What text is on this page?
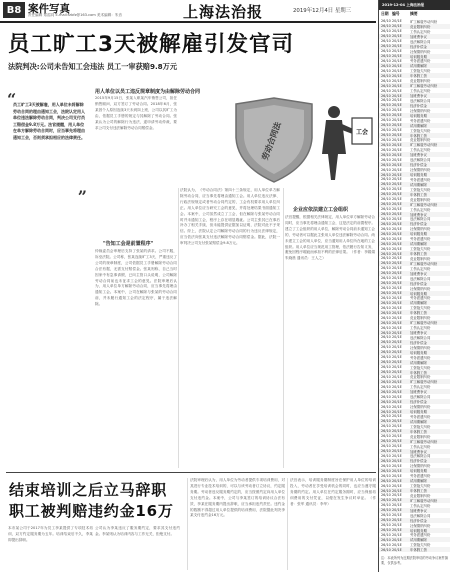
B8 案件写真
责任编辑 郑韶同 E-mail:fzbfz@163.com 美术编辑：朱音	上海法治报	2019年12月4日 星期三
员工旷工3天被解雇引发官司
法院判决:公司未告知工会违法 员工一审获赔9.8万元
“
员工旷工3天被解雇，用人单位未将解除劳动合同的理由通知工会，法院认定用人单位违法解除劳动合同，判决公司支付员工赔偿金9.8万元。法官提醒，用人单位在单方解除劳动合同时，应当事先将理由通知工会，否则须承担相应的法律责任。
”
用人单位以员工违反规章制度为由解除劳动合同
2015年9月15日，张某入职某汽车销售公司，担任销售顾问，双方签订了劳动合同。2018年6月，张某因个人原因连续3天未到岗上班，公司以其旷工为由，依据员工手册的规定与其解除了劳动合同。张某认为公司的解除行为违法，遂申请劳动仲裁，要求公司支付违法解除劳动合同赔偿金。
"告知工会是前置程序"
仲裁委员会审理后支持了张某的请求。公司不服，诉至法院。公司称，张某连续旷工3天，严重违反了公司的规章制度，公司依据员工手册解除劳动合同合法有据，无需支付赔偿金。张某则称，自己当时因家中有急事请假，已向主管口头说明，公司解除劳动合同前也未征求工会的意见。法院审理后认为，用人单位单方解除劳动合同，应当事先将理由通知工会。本案中，公司在解除与张某的劳动合同前，并未履行通知工会的法定程序，属于违法解除。
法院认为，《劳动合同法》第四十三条规定，用人单位单方解除劳动合同，应当事先将理由通知工会。用人单位违反法律、行政法规规定或者劳动合同约定的，工会有权要求用人单位纠正。用人单位应当研究工会的意见，并将处理结果书面通知工会。本案中，公司虽然成立了工会，但在解除与张某劳动合同时并未通知工会，程序上存在明显瑕疵。公司主张其已在事后补办了相关手续，但未能提供证据加以证明，法院对此不予采信。综上，法院认定公司解除劳动合同的行为违反法律规定，应当依法向张某支付违法解除劳动合同赔偿金。据此，法院一审判决公司支付张某赔偿金9.8万元。
企业应依法建立工会组织
法官提醒，根据相关法律规定，用人单位单方解除劳动合同时，应当事先将理由通知工会，这是法定的前置程序。建立了工会组织的用人单位，解除劳动合同前未通知工会的，劳动者可以据此主张用人单位违法解除劳动合同。尚未建立工会的用人单位，应当通知用人单位所在地的工会组织。用人单位应当规范用工管理，依法履行告知义务，避免因程序瑕疵而承担不利的法律后果。（作者：李娟娟 朱晓晨 通讯员：王人之）
劳动合同法	工会
结束培训之后立马辞职 职工被判赔违约金16万
本市某公司于2017年为员工李某提供了专项技术培训，双方约定服务期为五年。培训结束后不久，李某即提出辞职。
公司认为李某违反了服务期约定，要求其支付违约金。李某则认为培训内容与工作无关，拒绝支付。
法院审理后认为，用人单位为劳动者提供专项培训费用，对其进行专业技术培训的，可以与该劳动者订立协议，约定服务期。劳动者违反服务期约定的，应当按照约定向用人单位支付违约金。本案中，公司与李某签订的培训协议合法有效，李某在服务期内提出辞职，应当承担违约责任。违约金的数额不得超过用人单位提供的培训费用，法院据此判决李某支付违约金16万元。
法官表示，培训服务期制度旨在保护用人单位的培训投入，劳动者在享受培训机会的同时，也应当遵守服务期的约定。用人单位在约定服务期时，应当保留培训费用的支付凭证，以便在发生争议时举证。（作者：张军 通讯员：李华）
2019-12-04 上海法治报
日期 编号	摘要
26/10 20/1E	旷工解雇劳动纠纷
26/10 20/1E	竞业限制纠纷
26/10 20/1E	工伤认定纠纷
26/10 20/1E	加班费争议
26/10 20/1E	违法解除合同
26/10 20/1E	经济补偿金
26/10 20/1E	社保缴纳纠纷
26/10 20/1E	培训服务期
26/10 20/1E	劳务派遣纠纷
26/10 20/1E	试用期解除
26/10 20/1E	工资拖欠纠纷
26/10 20/1E	年休假工资
26/10 20/1E	竞业限制纠纷
26/10 20/1E	旷工解雇劳动纠纷
26/10 20/1E	工伤认定纠纷
26/10 20/1E	加班费争议
26/10 20/1E	违法解除合同
26/10 20/1E	经济补偿金
26/10 20/1E	社保缴纳纠纷
26/10 20/1E	培训服务期
26/10 20/1E	劳务派遣纠纷
26/10 20/1E	试用期解除
26/10 20/1E	工资拖欠纠纷
26/10 20/1E	年休假工资
26/10 20/1E	竞业限制纠纷
26/10 20/1E	旷工解雇劳动纠纷
26/10 20/1E	工伤认定纠纷
26/10 20/1E	加班费争议
26/10 20/1E	违法解除合同
26/10 20/1E	经济补偿金
26/10 20/1E	社保缴纳纠纷
26/10 20/1E	培训服务期
26/10 20/1E	劳务派遣纠纷
26/10 20/1E	试用期解除
26/10 20/1E	工资拖欠纠纷
26/10 20/1E	年休假工资
26/10 20/1E	竞业限制纠纷
26/10 20/1E	旷工解雇劳动纠纷
26/10 20/1E	工伤认定纠纷
26/10 20/1E	加班费争议
26/10 20/1E	违法解除合同
26/10 20/1E	经济补偿金
26/10 20/1E	社保缴纳纠纷
26/10 20/1E	培训服务期
26/10 20/1E	劳务派遣纠纷
26/10 20/1E	试用期解除
26/10 20/1E	工资拖欠纠纷
26/10 20/1E	年休假工资
26/10 20/1E	竞业限制纠纷
26/10 20/1E	旷工解雇劳动纠纷
26/10 20/1E	工伤认定纠纷
26/10 20/1E	加班费争议
26/10 20/1E	违法解除合同
26/10 20/1E	经济补偿金
26/10 20/1E	社保缴纳纠纷
26/10 20/1E	培训服务期
26/10 20/1E	劳务派遣纠纷
26/10 20/1E	试用期解除
26/10 20/1E	工资拖欠纠纷
26/10 20/1E	年休假工资
26/10 20/1E	竞业限制纠纷
26/10 20/1E	旷工解雇劳动纠纷
26/10 20/1E	工伤认定纠纷
26/10 20/1E	加班费争议
26/10 20/1E	违法解除合同
26/10 20/1E	经济补偿金
26/10 20/1E	社保缴纳纠纷
26/10 20/1E	培训服务期
26/10 20/1E	劳务派遣纠纷
26/10 20/1E	试用期解除
26/10 20/1E	工资拖欠纠纷
26/10 20/1E	年休假工资
26/10 20/1E	竞业限制纠纷
26/10 20/1E	旷工解雇劳动纠纷
26/10 20/1E	工伤认定纠纷
26/10 20/1E	加班费争议
26/10 20/1E	违法解除合同
26/10 20/1E	经济补偿金
26/10 20/1E	社保缴纳纠纷
26/10 20/1E	培训服务期
26/10 20/1E	劳务派遣纠纷
26/10 20/1E	试用期解除
26/10 20/1E	工资拖欠纠纷
26/10 20/1E	年休假工资
26/10 20/1E	竞业限制纠纷
26/10 20/1E	旷工解雇劳动纠纷
26/10 20/1E	工伤认定纠纷
26/10 20/1E	加班费争议
26/10 20/1E	违法解除合同
26/10 20/1E	经济补偿金
26/10 20/1E	社保缴纳纠纷
26/10 20/1E	培训服务期
26/10 20/1E	劳务派遣纠纷
26/10 20/1E	试用期解除
26/10 20/1E	工资拖欠纠纷
26/10 20/1E	年休假工资
26/10 20/1E	竞业限制纠纷
26/10 20/1E	旷工解雇劳动纠纷
26/10 20/1E	工伤认定纠纷
26/10 20/1E	加班费争议
26/10 20/1E	违法解除合同
26/10 20/1E	经济补偿金
26/10 20/1E	社保缴纳纠纷
26/10 20/1E	培训服务期
26/10 20/1E	劳务派遣纠纷
26/10 20/1E	试用期解除
26/10 20/1E	工资拖欠纠纷
26/10 20/1E	年休假工资
注：本表所列为近期法院审结的劳动争议案件摘要，仅供参考。
